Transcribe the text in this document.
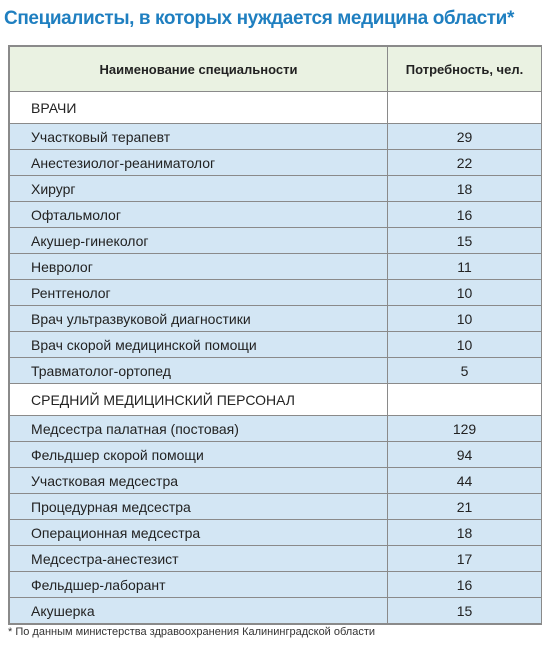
Специалисты, в которых нуждается медицина области*
Наименование специальности	Потребность, чел.
ВРАЧИ	
Участковый терапевт	29
Анестезиолог-реаниматолог	22
Хирург	18
Офтальмолог	16
Акушер-гинеколог	15
Невролог	11
Рентгенолог	10
Врач ультразвуковой диагностики	10
Врач скорой медицинской помощи	10
Травматолог-ортопед	5
СРЕДНИЙ МЕДИЦИНСКИЙ ПЕРСОНАЛ	
Медсестра палатная (постовая)	129
Фельдшер скорой помощи	94
Участковая медсестра	44
Процедурная медсестра	21
Операционная медсестра	18
Медсестра-анестезист	17
Фельдшер-лаборант	16
Акушерка	15
* По данным министерства здравоохранения Калининградской области
